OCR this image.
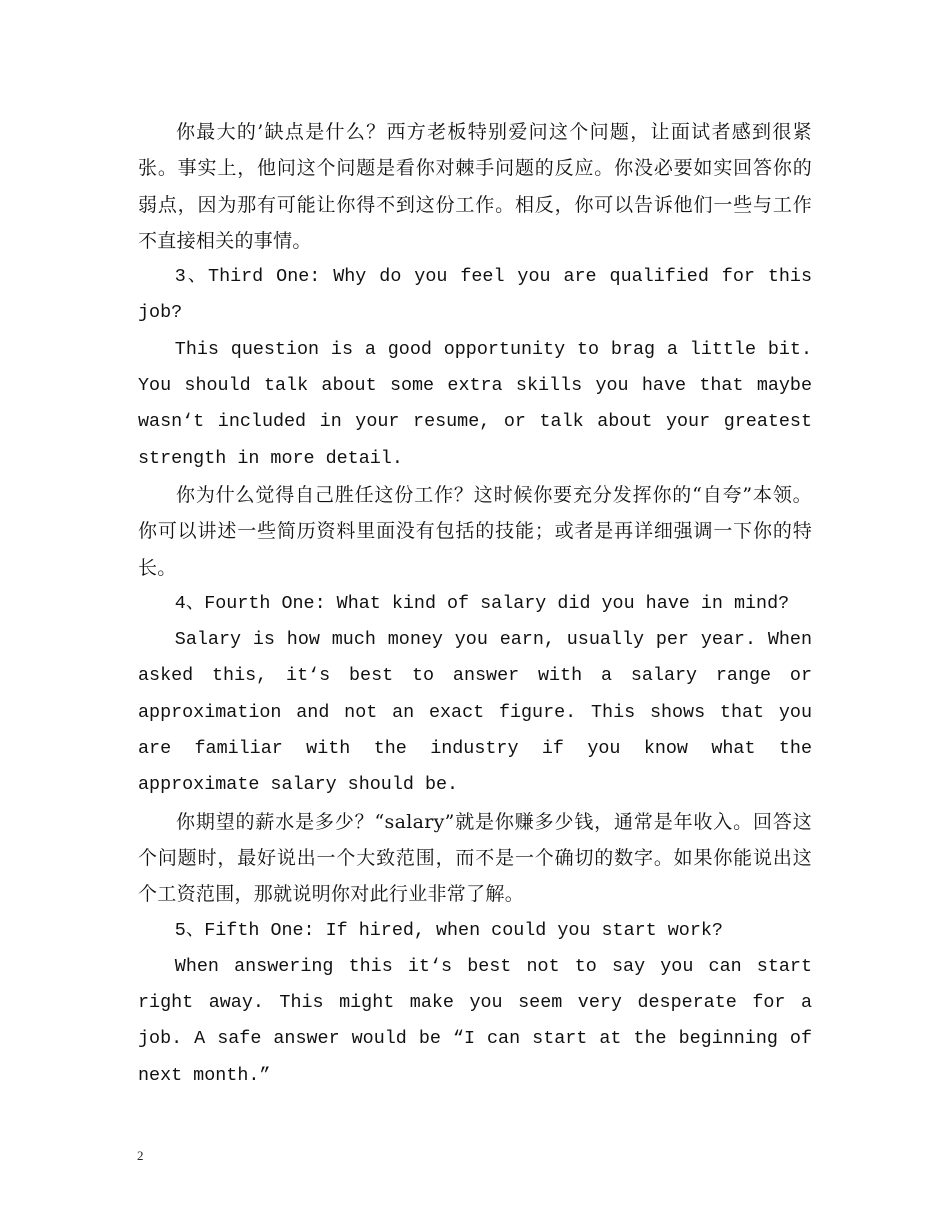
你最大的’缺点是什么？西方老板特别爱问这个问题，让面试者感到很紧张。事实上，他问这个问题是看你对棘手问题的反应。你没必要如实回答你的弱点，因为那有可能让你得不到这份工作。相反，你可以告诉他们一些与工作不直接相关的事情。

3、Third One: Why do you feel you are qualified for this job?

This question is a good opportunity to brag a little bit. You should talk about some extra skills you have that maybe wasn‘t included in your resume, or talk about your greatest strength in more detail.

你为什么觉得自己胜任这份工作？这时候你要充分发挥你的“自夸”本领。你可以讲述一些简历资料里面没有包括的技能；或者是再详细强调一下你的特长。

4、Fourth One: What kind of salary did you have in mind?

Salary is how much money you earn, usually per year. When asked this, it‘s best to answer with a salary range or approximation and not an exact figure. This shows that you are familiar with the industry if you know what the approximate salary should be.

你期望的薪水是多少？“salary”就是你赚多少钱，通常是年收入。回答这个问题时，最好说出一个大致范围，而不是一个确切的数字。如果你能说出这个工资范围，那就说明你对此行业非常了解。

5、Fifth One: If hired, when could you start work?

When answering this it‘s best not to say you can start right away. This might make you seem very desperate for a job. A safe answer would be “I can start at the beginning of next month.”

2
